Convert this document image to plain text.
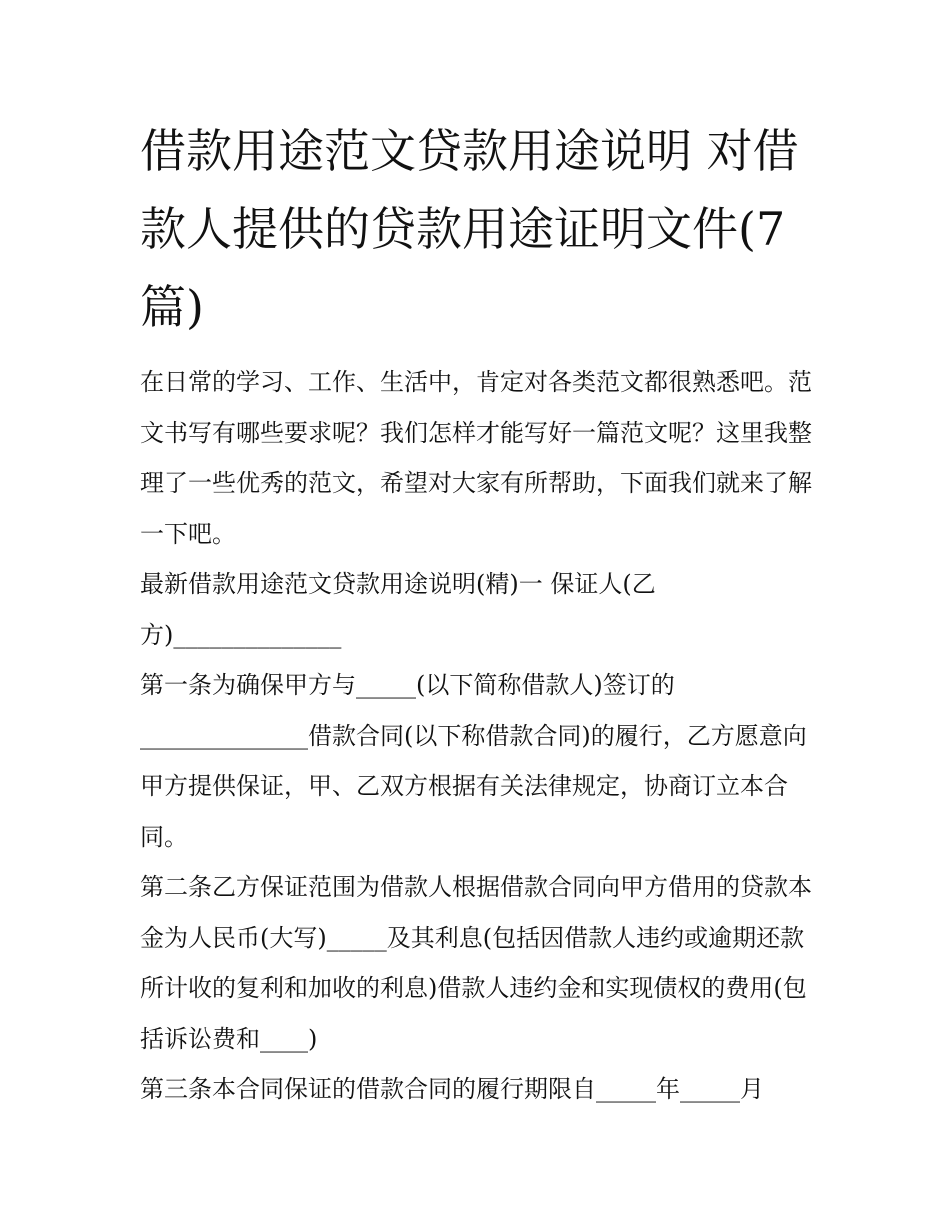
借款用途范文贷款用途说明 对借款人提供的贷款用途证明文件(7篇)

在日常的学习、工作、生活中，肯定对各类范文都很熟悉吧。范文书写有哪些要求呢？我们怎样才能写好一篇范文呢？这里我整理了一些优秀的范文，希望对大家有所帮助，下面我们就来了解一下吧。

最新借款用途范文贷款用途说明(精)一 保证人(乙

方)______________

第一条为确保甲方与_____(以下简称借款人)签订的

______________借款合同(以下称借款合同)的履行，乙方愿意向甲方提供保证，甲、乙双方根据有关法律规定，协商订立本合同。

第二条乙方保证范围为借款人根据借款合同向甲方借用的贷款本金为人民币(大写)_____及其利息(包括因借款人违约或逾期还款所计收的复利和加收的利息)借款人违约金和实现债权的费用(包括诉讼费和____)

第三条本合同保证的借款合同的履行期限自_____年_____月
